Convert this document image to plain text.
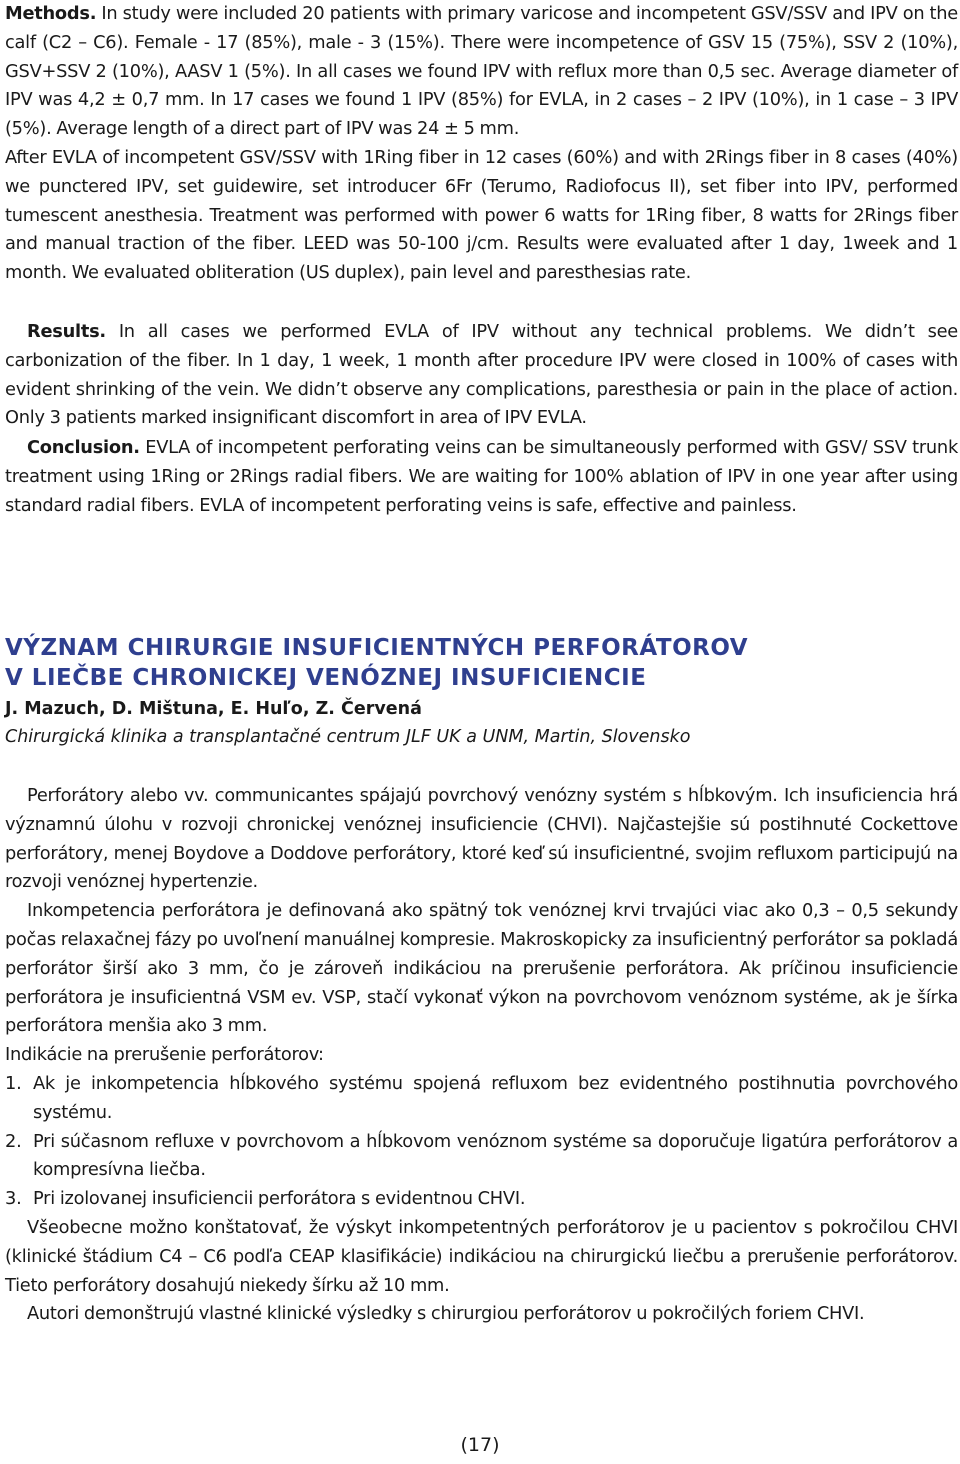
Methods. In study were included 20 patients with primary varicose and incompetent GSV/SSV and IPV on the calf (C2 – C6). Female - 17 (85%), male - 3 (15%). There were incompetence of GSV 15 (75%), SSV 2 (10%), GSV+SSV 2 (10%), AASV 1 (5%). In all cases we found IPV with reflux more than 0,5 sec. Average diameter of IPV was 4,2 ± 0,7 mm. In 17 cases we found 1 IPV (85%) for EVLA, in 2 cases – 2 IPV (10%), in 1 case – 3 IPV (5%). Average length of a direct part of IPV was 24 ± 5 mm.

After EVLA of incompetent GSV/SSV with 1Ring fiber in 12 cases (60%) and with 2Rings fiber in 8 cases (40%) we punctered IPV, set guidewire, set introducer 6Fr (Terumo, Radiofocus II), set fiber into IPV, performed tumescent anesthesia. Treatment was performed with power 6 watts for 1Ring fiber, 8 watts for 2Rings fiber and manual traction of the fiber. LEED was 50-100 j/cm. Results were evaluated after 1 day, 1week and 1 month. We evaluated obliteration (US duplex), pain level and paresthesias rate.

Results. In all cases we performed EVLA of IPV without any technical problems. We didn’t see carbonization of the fiber. In 1 day, 1 week, 1 month after procedure IPV were closed in 100% of cases with evident shrinking of the vein. We didn’t observe any complications, paresthesia or pain in the place of action. Only 3 patients marked insignificant discomfort in area of IPV EVLA.

Conclusion. EVLA of incompetent perforating veins can be simultaneously performed with GSV/ SSV trunk treatment using 1Ring or 2Rings radial fibers. We are waiting for 100% ablation of IPV in one year after using standard radial fibers. EVLA of incompetent perforating veins is safe, effective and painless.

VÝZNAM CHIRURGIE INSUFICIENTNÝCH PERFORÁTOROV
V LIEČBE CHRONICKEJ VENÓZNEJ INSUFICIENCIE
J. Mazuch, D. Mištuna, E. Huľo, Z. Červená
Chirurgická klinika a transplantačné centrum JLF UK a UNM, Martin, Slovensko

Perforátory alebo vv. communicantes spájajú povrchový venózny systém s hĺbkovým. Ich insuficiencia hrá významnú úlohu v rozvoji chronickej venóznej insuficiencie (CHVI). Najčastejšie sú postihnuté Cockettove perforátory, menej Boydove a Doddove perforátory, ktoré keď sú insuficientné, svojim refluxom participujú na rozvoji venóznej hypertenzie.

Inkompetencia perforátora je definovaná ako spätný tok venóznej krvi trvajúci viac ako 0,3 – 0,5 sekundy počas relaxačnej fázy po uvoľnení manuálnej kompresie. Makroskopicky za insuficientný perforátor sa pokladá perforátor širší ako 3 mm, čo je zároveň indikáciou na prerušenie perforátora. Ak príčinou insuficiencie perforátora je insuficientná VSM ev. VSP, stačí vykonať výkon na povrchovom venóznom systéme, ak je šírka perforátora menšia ako 3 mm.

Indikácie na prerušenie perforátorov:

1. Ak je inkompetencia hĺbkového systému spojená refluxom bez evidentného postihnutia povrchového systému.
2. Pri súčasnom refluxe v povrchovom a hĺbkovom venóznom systéme sa doporučuje ligatúra perforátorov a kompresívna liečba.
3. Pri izolovanej insuficiencii perforátora s evidentnou CHVI.

Všeobecne možno konštatovať, že výskyt inkompetentných perforátorov je u pacientov s pokročilou CHVI (klinické štádium C4 – C6 podľa CEAP klasifikácie) indikáciou na chirurgickú liečbu a prerušenie perforátorov. Tieto perforátory dosahujú niekedy šírku až 10 mm.

Autori demonštrujú vlastné klinické výsledky s chirurgiou perforátorov u pokročilých foriem CHVI.

(17)
